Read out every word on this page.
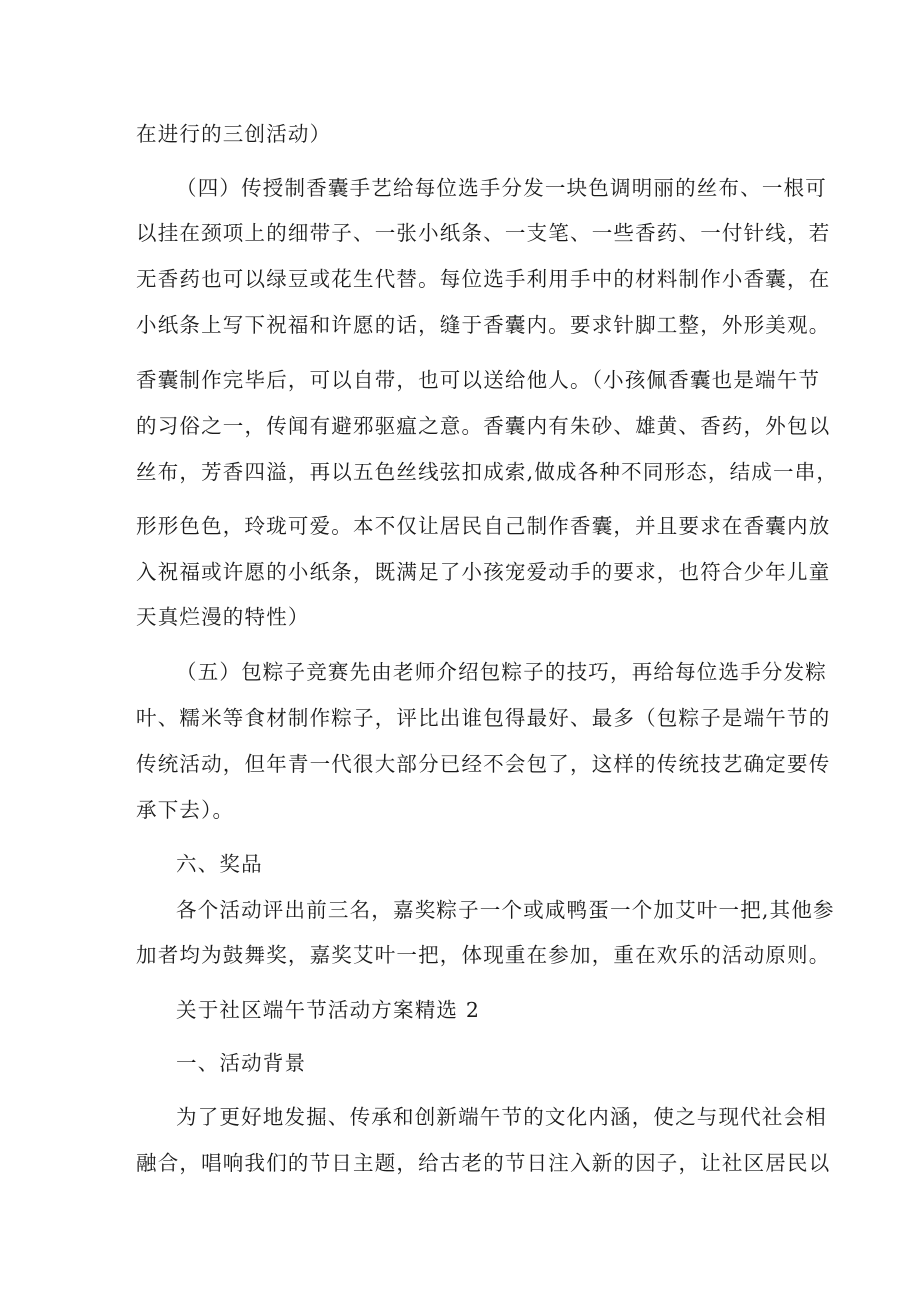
在进行的三创活动）
（四）传授制香囊手艺给每位选手分发一块色调明丽的丝布、一根可
以挂在颈项上的细带子、一张小纸条、一支笔、一些香药、一付针线，若
无香药也可以绿豆或花生代替。每位选手利用手中的材料制作小香囊，在
小纸条上写下祝福和许愿的话，缝于香囊内。要求针脚工整，外形美观。
香囊制作完毕后，可以自带，也可以送给他人。（小孩佩香囊也是端午节
的习俗之一，传闻有避邪驱瘟之意。香囊内有朱砂、雄黄、香药，外包以
丝布，芳香四溢，再以五色丝线弦扣成索,做成各种不同形态，结成一串，
形形色色，玲珑可爱。本不仅让居民自己制作香囊，并且要求在香囊内放
入祝福或许愿的小纸条，既满足了小孩宠爱动手的要求，也符合少年儿童
天真烂漫的特性）
（五）包粽子竞赛先由老师介绍包粽子的技巧，再给每位选手分发粽
叶、糯米等食材制作粽子，评比出谁包得最好、最多（包粽子是端午节的
传统活动，但年青一代很大部分已经不会包了，这样的传统技艺确定要传
承下去）。
六、奖品
各个活动评出前三名，嘉奖粽子一个或咸鸭蛋一个加艾叶一把,其他参
加者均为鼓舞奖，嘉奖艾叶一把，体现重在参加，重在欢乐的活动原则。
关于社区端午节活动方案精选 2
一、活动背景
为了更好地发掘、传承和创新端午节的文化内涵，使之与现代社会相
融合，唱响我们的节日主题，给古老的节日注入新的因子，让社区居民以
